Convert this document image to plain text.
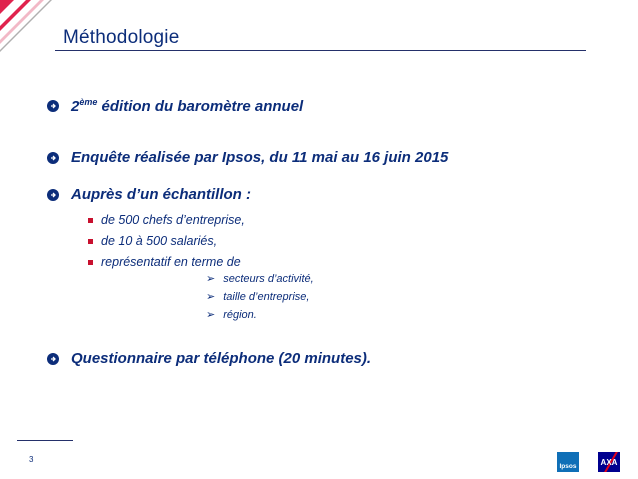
Méthodologie
2ème édition du baromètre annuel
Enquête réalisée par Ipsos, du 11 mai au 16 juin 2015
Auprès d’un échantillon :
de 500 chefs d’entreprise,
de 10 à 500 salariés,
représentatif en terme de
➢ secteurs d’activité,
➢ taille d’entreprise,
➢ région.
Questionnaire par téléphone (20 minutes).
3
Ipsos	AXA
